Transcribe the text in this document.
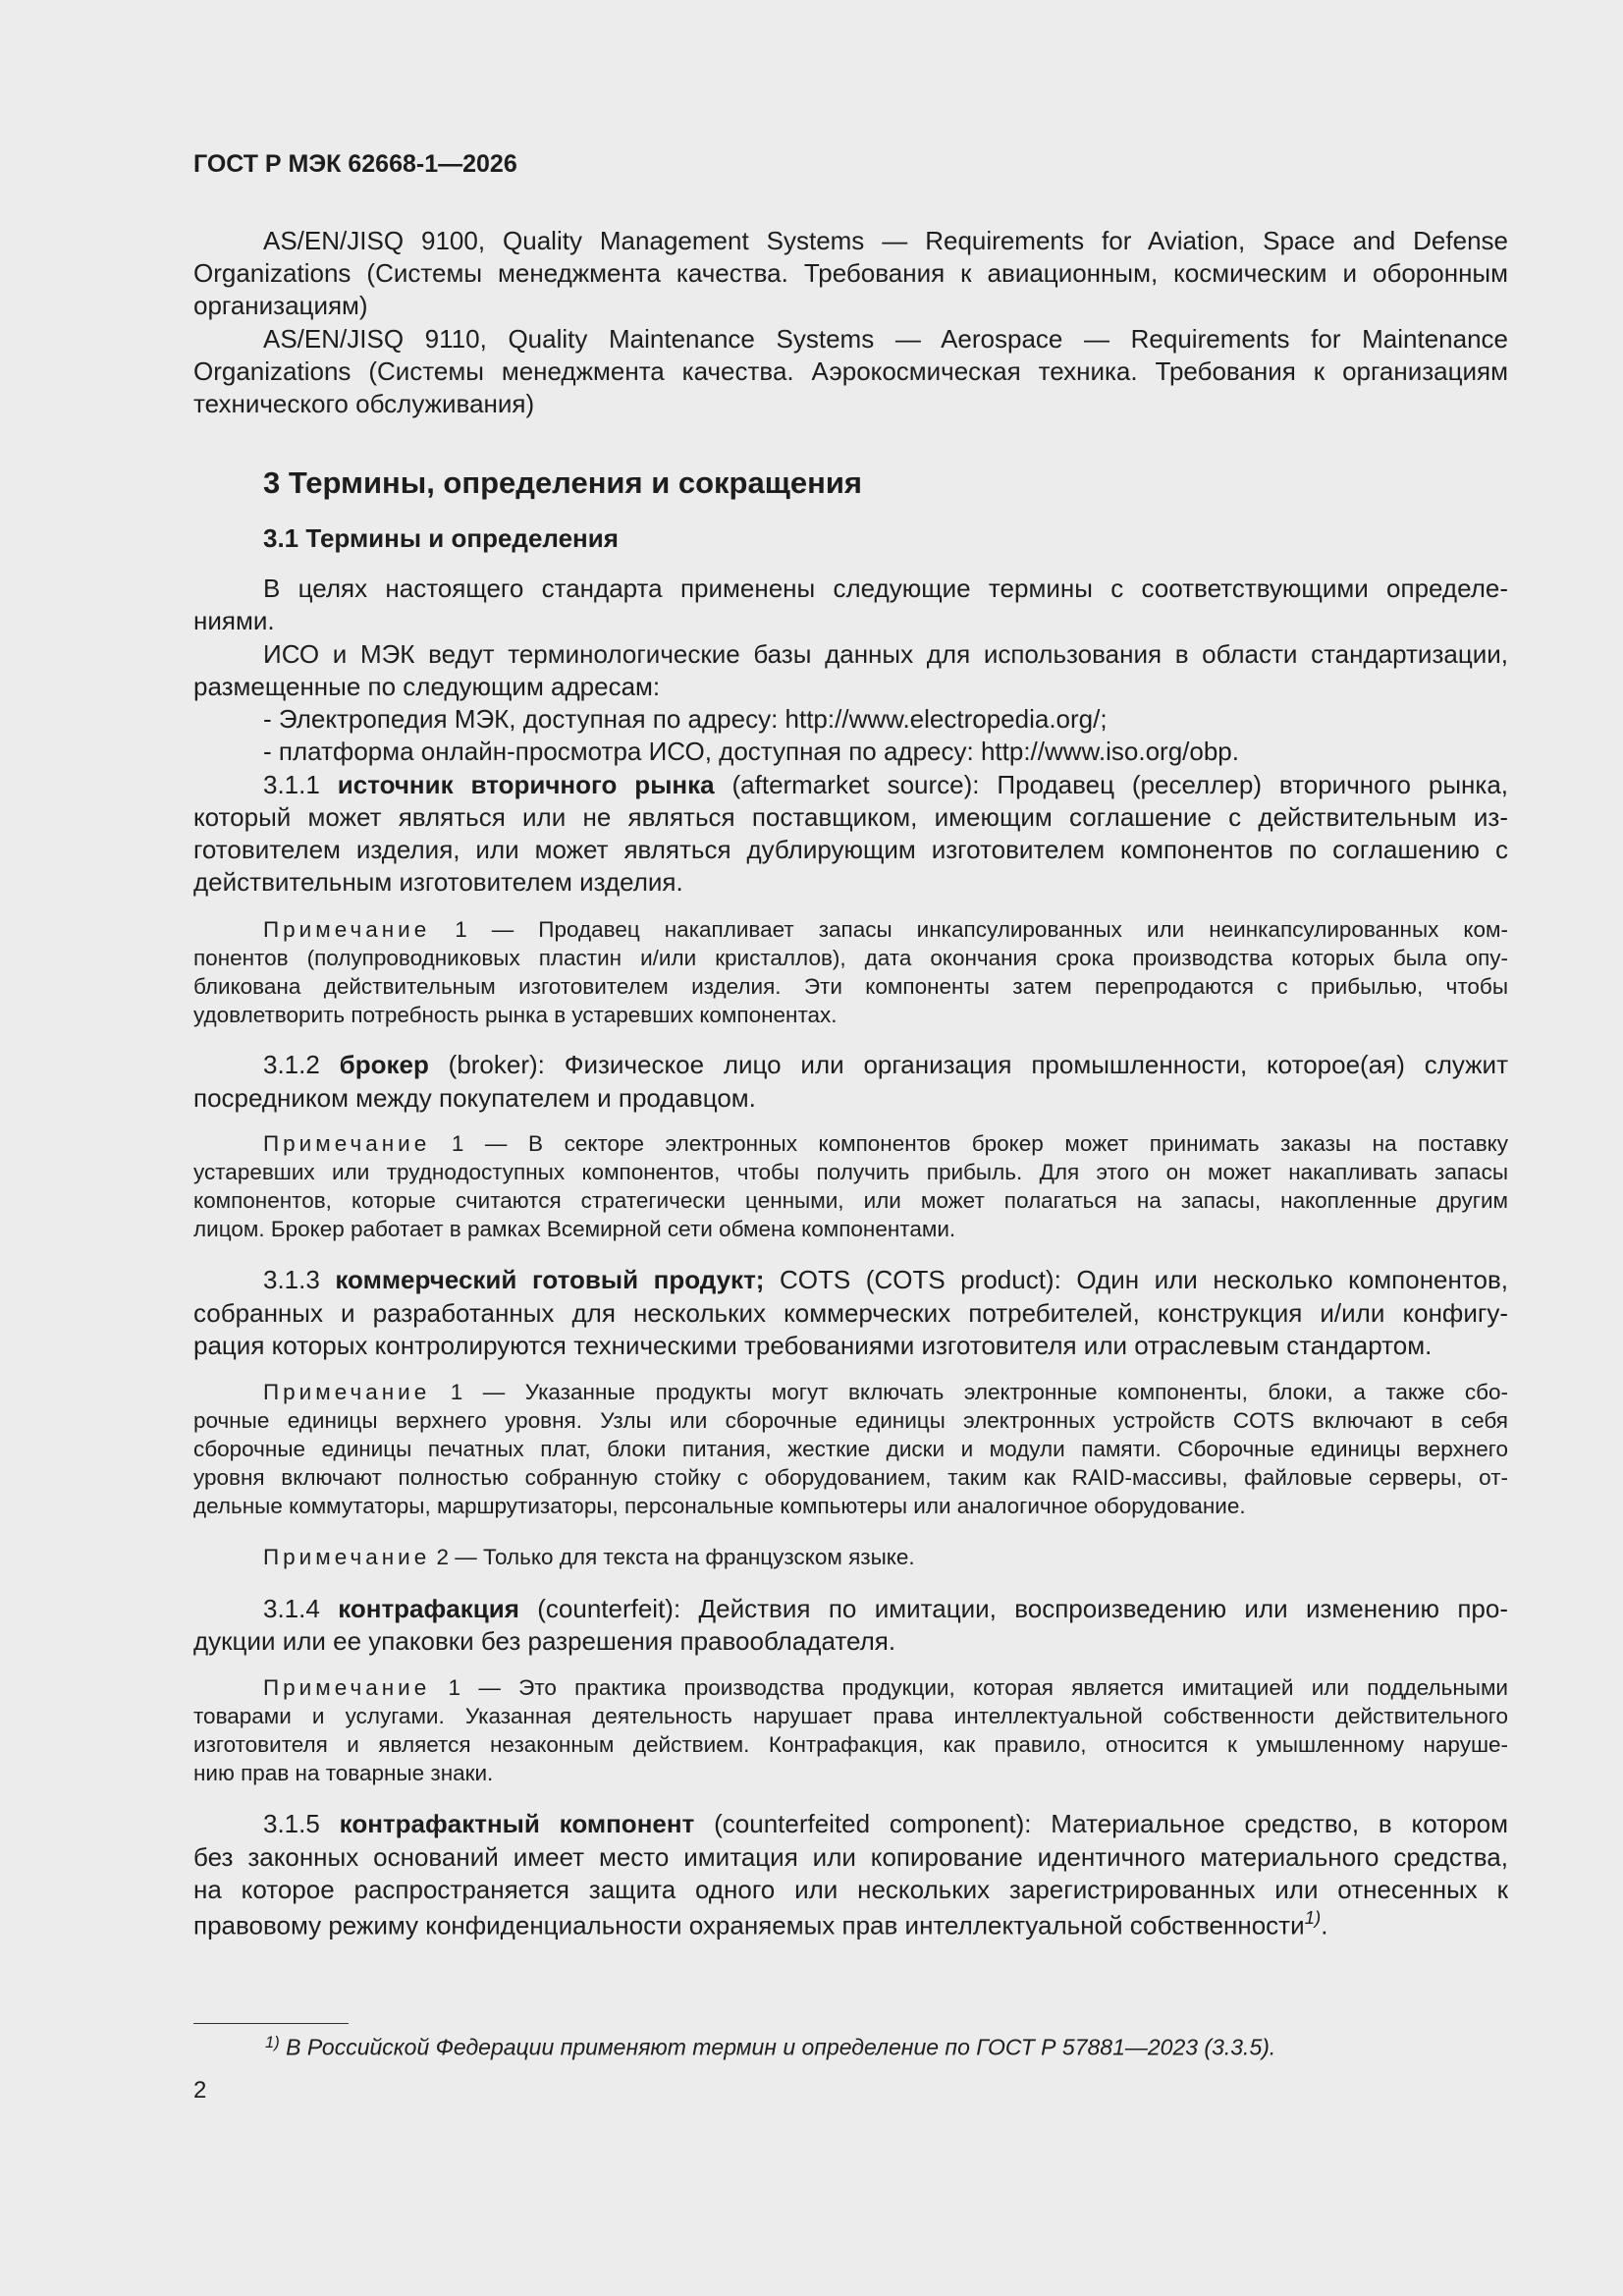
ГОСТ Р МЭК 62668-1—2026
AS/EN/JISQ 9100, Quality Management Systems — Requirements for Aviation, Space and Defense
Organizations (Системы менеджмента качества. Требования к авиационным, космическим и оборонным
организациям)
AS/EN/JISQ 9110, Quality Maintenance Systems — Aerospace — Requirements for Maintenance
Organizations (Системы менеджмента качества. Аэрокосмическая техника. Требования к организациям
технического обслуживания)
3 Термины, определения и сокращения
3.1 Термины и определения
В целях настоящего стандарта применены следующие термины с соответствующими определе-
ниями.
ИСО и МЭК ведут терминологические базы данных для использования в области стандартизации,
размещенные по следующим адресам:
- Электропедия МЭК, доступная по адресу: http://www.electropedia.org/;
- платформа онлайн-просмотра ИСО, доступная по адресу: http://www.iso.org/obp.
3.1.1 источник вторичного рынка (aftermarket source): Продавец (реселлер) вторичного рынка,
который может являться или не являться поставщиком, имеющим соглашение с действительным из-
готовителем изделия, или может являться дублирующим изготовителем компонентов по соглашению с
действительным изготовителем изделия.
Примечание 1 — Продавец накапливает запасы инкапсулированных или неинкапсулированных ком-
понентов (полупроводниковых пластин и/или кристаллов), дата окончания срока производства которых была опу-
бликована действительным изготовителем изделия. Эти компоненты затем перепродаются с прибылью, чтобы
удовлетворить потребность рынка в устаревших компонентах.
3.1.2 брокер (broker): Физическое лицо или организация промышленности, которое(ая) служит
посредником между покупателем и продавцом.
Примечание 1 — В секторе электронных компонентов брокер может принимать заказы на поставку
устаревших или труднодоступных компонентов, чтобы получить прибыль. Для этого он может накапливать запасы
компонентов, которые считаются стратегически ценными, или может полагаться на запасы, накопленные другим
лицом. Брокер работает в рамках Всемирной сети обмена компонентами.
3.1.3 коммерческий готовый продукт; COTS (COTS product): Один или несколько компонентов,
собранных и разработанных для нескольких коммерческих потребителей, конструкция и/или конфигу-
рация которых контролируются техническими требованиями изготовителя или отраслевым стандартом.
Примечание 1 — Указанные продукты могут включать электронные компоненты, блоки, а также сбо-
рочные единицы верхнего уровня. Узлы или сборочные единицы электронных устройств COTS включают в себя
сборочные единицы печатных плат, блоки питания, жесткие диски и модули памяти. Сборочные единицы верхнего
уровня включают полностью собранную стойку с оборудованием, таким как RAID-массивы, файловые серверы, от-
дельные коммутаторы, маршрутизаторы, персональные компьютеры или аналогичное оборудование.
Примечание 2 — Только для текста на французском языке.
3.1.4 контрафакция (counterfeit): Действия по имитации, воспроизведению или изменению про-
дукции или ее упаковки без разрешения правообладателя.
Примечание 1 — Это практика производства продукции, которая является имитацией или поддельными
товарами и услугами. Указанная деятельность нарушает права интеллектуальной собственности действительного
изготовителя и является незаконным действием. Контрафакция, как правило, относится к умышленному наруше-
нию прав на товарные знаки.
3.1.5 контрафактный компонент (counterfeited component): Материальное средство, в котором
без законных оснований имеет место имитация или копирование идентичного материального средства,
на которое распространяется защита одного или нескольких зарегистрированных или отнесенных к
правовому режиму конфиденциальности охраняемых прав интеллектуальной собственности$^{1)}$.
$^{1)}$ В Российской Федерации применяют термин и определение по ГОСТ Р 57881—2023 (3.3.5).
2
